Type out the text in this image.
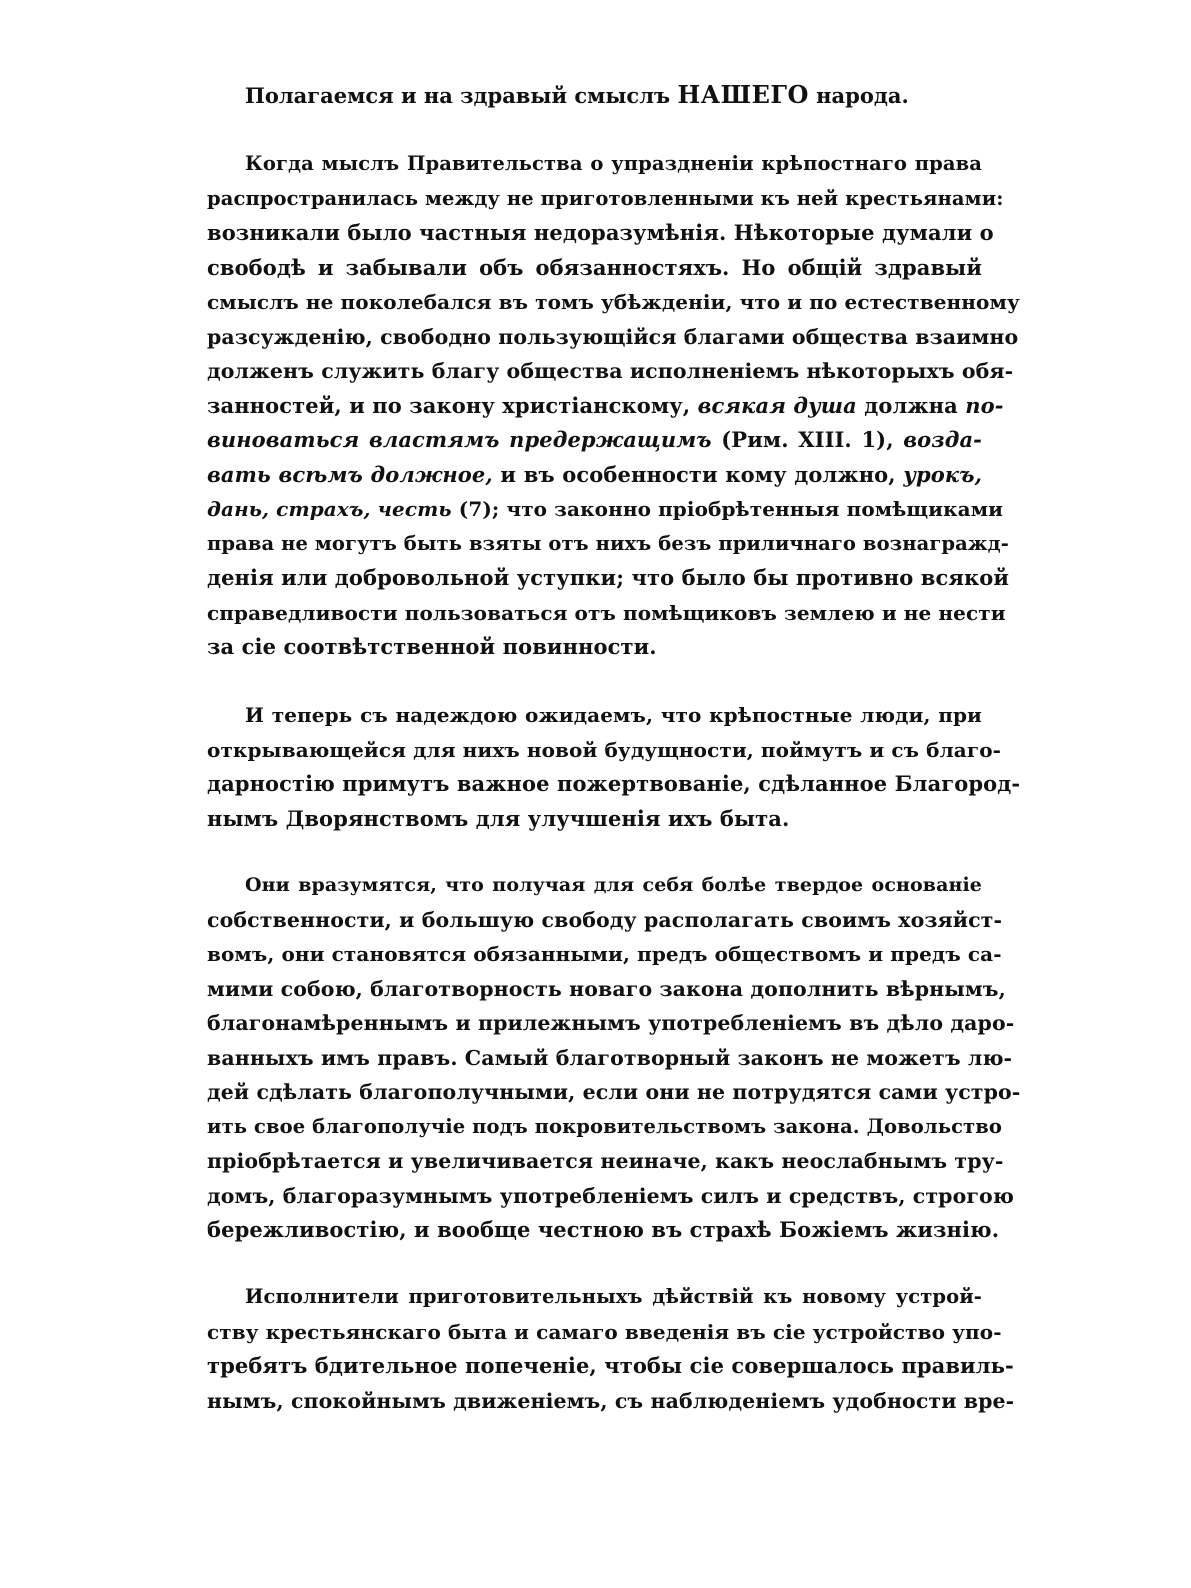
Полагаемся и на здравый смыслъ НАШЕГО народа.
Когда мыслъ Правительства о упраздненіи крѣпостнаго права
распространилась между не приготовленными къ ней крестьянами:
возникали было частныя недоразумѣнія. Нѣкоторые думали о
свободѣ и забывали объ обязанностяхъ. Но общій здравый
смыслъ не поколебался въ томъ убѣжденіи, что и по естественному
разсужденію, свободно пользующійся благами общества взаимно
долженъ служить благу общества исполненіемъ нѣкоторыхъ обя-
занностей, и по закону христіанскому, всякая душа должна по-
виноваться властямъ предержащимъ (Рим. XIII. 1), возда-
вать всѣмъ должное, и въ особенности кому должно, урокъ,
дань, страхъ, честь (7); что законно пріобрѣтенныя помѣщиками
права не могутъ быть взяты отъ нихъ безъ приличнаго вознагражд-
денія или добровольной уступки; что было бы противно всякой
справедливости пользоваться отъ помѣщиковъ землею и не нести
за сіе соотвѣтственной повинности.
И теперь съ надеждою ожидаемъ, что крѣпостные люди, при
открывающейся для нихъ новой будущности, поймутъ и съ благо-
дарностію примутъ важное пожертвованіе, сдѣланное Благород-
нымъ Дворянствомъ для улучшенія ихъ быта.
Они вразумятся, что получая для себя болѣе твердое основаніе
собственности, и большую свободу располагать своимъ хозяйст-
вомъ, они становятся обязанными, предъ обществомъ и предъ са-
мими собою, благотворность новаго закона дополнить вѣрнымъ,
благонамѣреннымъ и прилежнымъ употребленіемъ въ дѣло даро-
ванныхъ имъ правъ. Самый благотворный законъ не можетъ лю-
дей сдѣлать благополучными, если они не потрудятся сами устро-
ить свое благополучіе подъ покровительствомъ закона. Довольство
пріобрѣтается и увеличивается неиначе, какъ неослабнымъ тру-
домъ, благоразумнымъ употребленіемъ силъ и средствъ, строгою
бережливостію, и вообще честною въ страхѣ Божіемъ жизнію.
Исполнители приготовительныхъ дѣйствій къ новому устрой-
ству крестьянскаго быта и самаго введенія въ сіе устройство упо-
требятъ бдительное попеченіе, чтобы сіе совершалось правиль-
нымъ, спокойнымъ движеніемъ, съ наблюденіемъ удобности вре-
